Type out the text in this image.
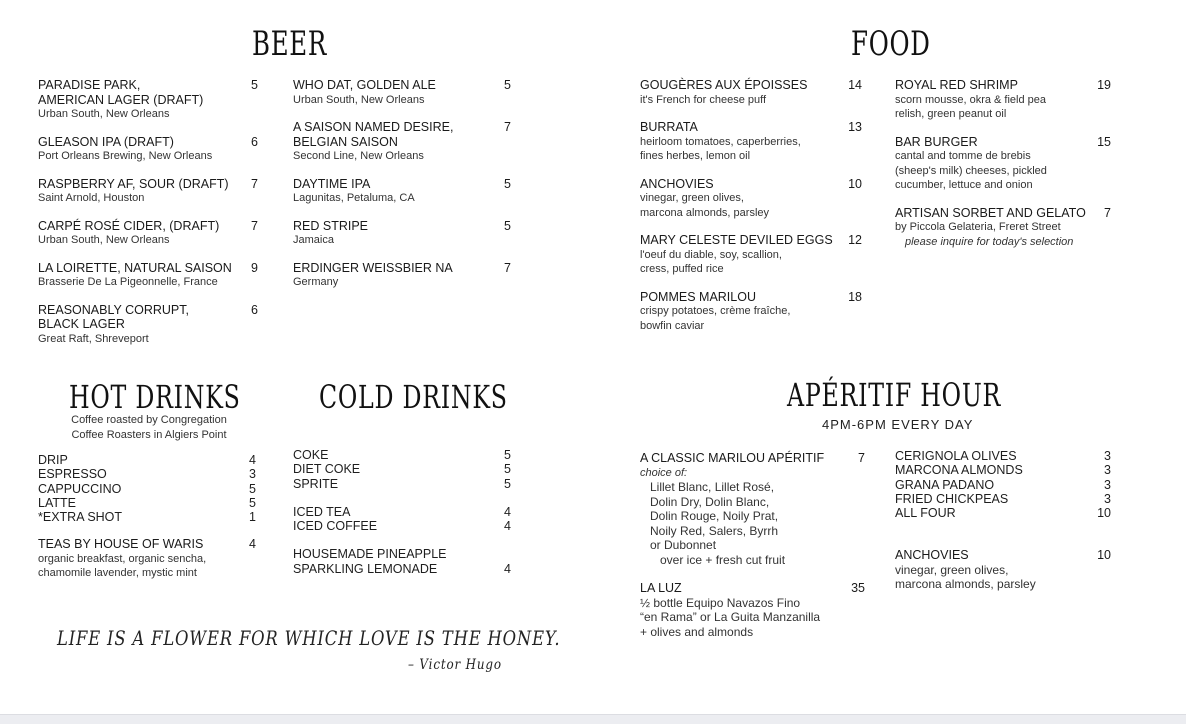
BEER
PARADISE PARK,
AMERICAN LAGER (DRAFT)
Urban South, New Orleans
5
GLEASON IPA (DRAFT)
Port Orleans Brewing, New Orleans
6
RASPBERRY AF, SOUR (DRAFT)
Saint Arnold, Houston
7
CARPÉ ROSÉ CIDER, (DRAFT)
Urban South, New Orleans
7
LA LOIRETTE, NATURAL SAISON
Brasserie De La Pigeonnelle, France
9
REASONABLY CORRUPT,
BLACK LAGER
Great Raft, Shreveport
6
WHO DAT, GOLDEN ALE
Urban South, New Orleans
5
A SAISON NAMED DESIRE,
BELGIAN SAISON
Second Line, New Orleans
7
DAYTIME IPA
Lagunitas, Petaluma, CA
5
RED STRIPE
Jamaica
5
ERDINGER WEISSBIER NA
Germany
7
FOOD
GOUGÈRES AUX ÉPOISSES
it's French for cheese puff
14
BURRATA
heirloom tomatoes, caperberries,
fines herbes, lemon oil
13
ANCHOVIES
vinegar, green olives,
marcona almonds, parsley
10
MARY CELESTE DEVILED EGGS
l'oeuf du diable, soy, scallion,
cress, puffed rice
12
POMMES MARILOU
crispy potatoes, crème fraîche,
bowfin caviar
18
ROYAL RED SHRIMP
scorn mousse, okra & field pea
relish, green peanut oil
19
BAR BURGER
cantal and tomme de brebis
(sheep's milk) cheeses, pickled
cucumber, lettuce and onion
15
ARTISAN SORBET AND GELATO
by Piccola Gelateria, Freret Street
please inquire for today's selection
7
HOT DRINKS
Coffee roasted by Congregation
Coffee Roasters in Algiers Point
DRIP	4
ESPRESSO	3
CAPPUCCINO	5
LATTE	5
*EXTRA SHOT	1
TEAS BY HOUSE OF WARIS
organic breakfast, organic sencha,
chamomile lavender, mystic mint
4
COLD DRINKS
COKE	5
DIET COKE	5
SPRITE	5
ICED TEA	4
ICED COFFEE	4
HOUSEMADE PINEAPPLE
SPARKLING LEMONADE	4
APÉRITIF HOUR
4PM-6PM EVERY DAY
A CLASSIC MARILOU APÉRITIF	7
choice of:
Lillet Blanc, Lillet Rosé,
Dolin Dry, Dolin Blanc,
Dolin Rouge, Noily Prat,
Noily Red, Salers, Byrrh
or Dubonnet
over ice + fresh cut fruit
LA LUZ	35
½ bottle Equipo Navazos Fino
“en Rama” or La Guita Manzanilla
+ olives and almonds
CERIGNOLA OLIVES	3
MARCONA ALMONDS	3
GRANA PADANO	3
FRIED CHICKPEAS	3
ALL FOUR	10
ANCHOVIES	10
vinegar, green olives,
marcona almonds, parsley
LIFE IS A FLOWER FOR WHICH LOVE IS THE HONEY.
– Victor Hugo
